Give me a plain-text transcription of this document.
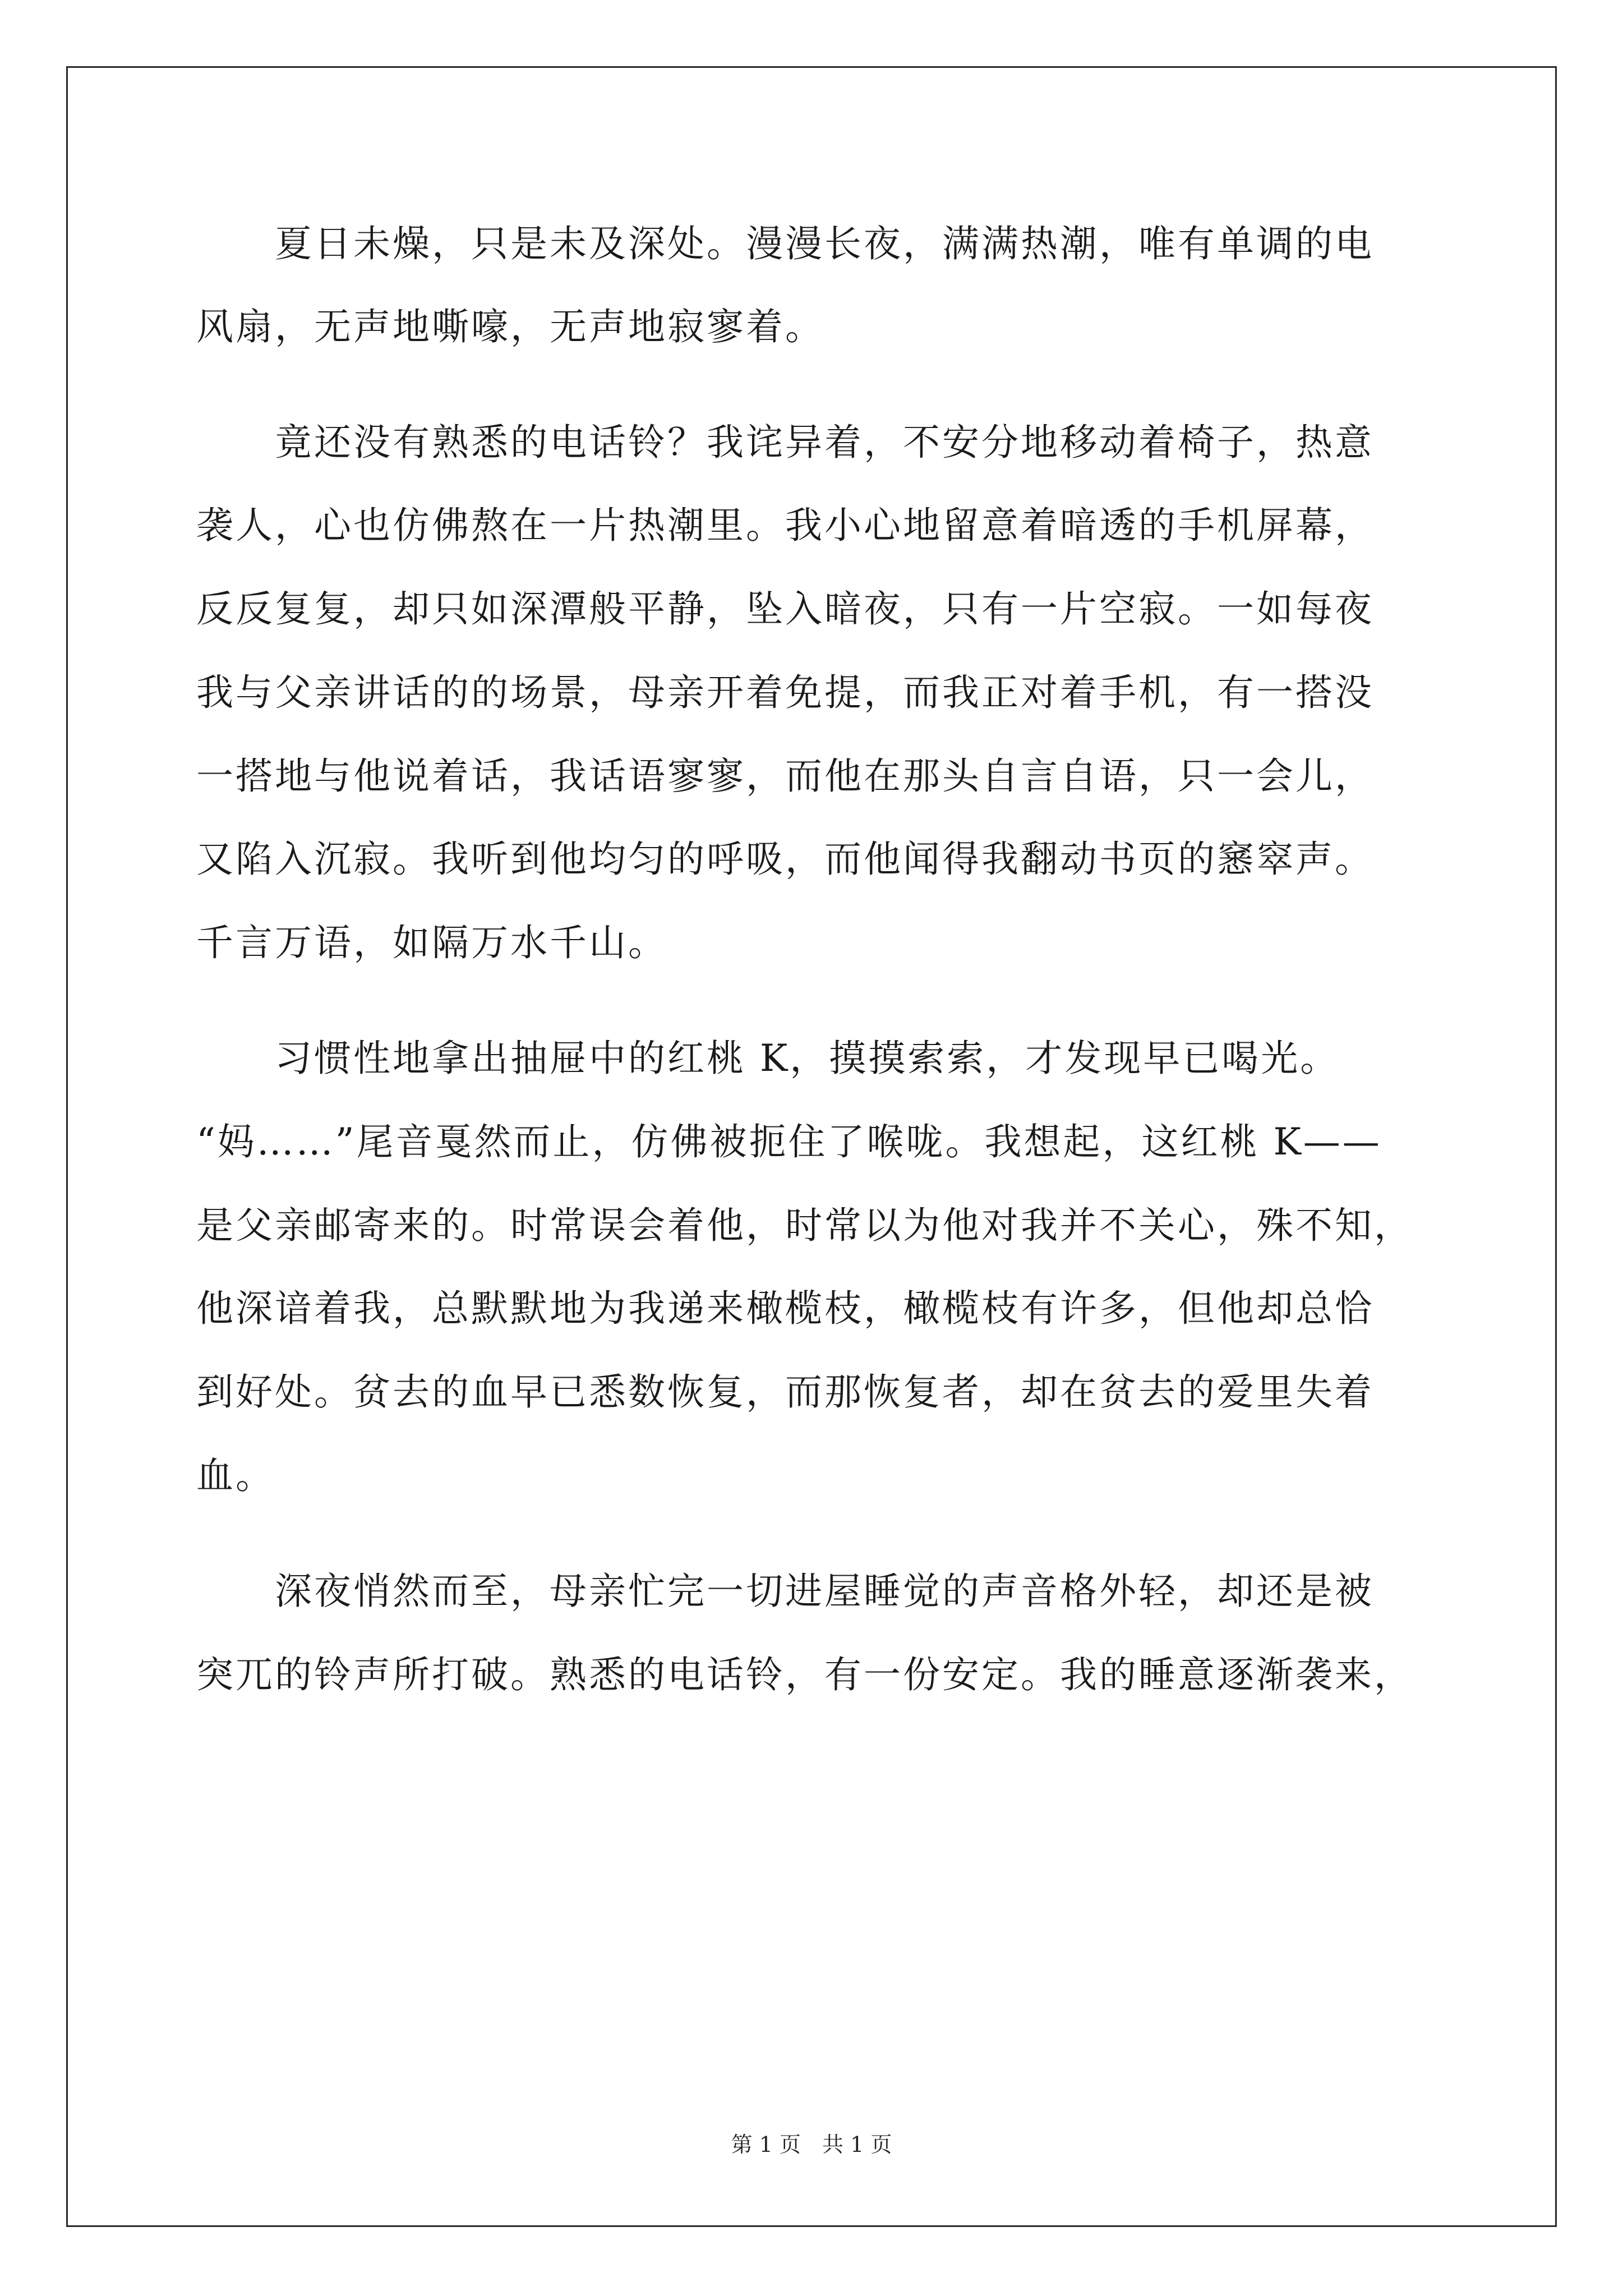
　　夏日未燥，只是未及深处。漫漫长夜，满满热潮，唯有单调的电
风扇，无声地嘶嚎，无声地寂寥着。
　　竟还没有熟悉的电话铃？我诧异着，不安分地移动着椅子，热意
袭人，心也仿佛熬在一片热潮里。我小心地留意着暗透的手机屏幕，
反反复复，却只如深潭般平静，坠入暗夜，只有一片空寂。一如每夜
我与父亲讲话的的场景，母亲开着免提，而我正对着手机，有一搭没
一搭地与他说着话，我话语寥寥，而他在那头自言自语，只一会儿，
又陷入沉寂。我听到他均匀的呼吸，而他闻得我翻动书页的窸窣声。
千言万语，如隔万水千山。
　　习惯性地拿出抽屉中的红桃 K，摸摸索索，才发现早已喝光。
“妈……”尾音戛然而止，仿佛被扼住了喉咙。我想起，这红桃 K——
是父亲邮寄来的。时常误会着他，时常以为他对我并不关心，殊不知，
他深谙着我，总默默地为我递来橄榄枝，橄榄枝有许多，但他却总恰
到好处。贫去的血早已悉数恢复，而那恢复者，却在贫去的爱里失着
血。
　　深夜悄然而至，母亲忙完一切进屋睡觉的声音格外轻，却还是被
突兀的铃声所打破。熟悉的电话铃，有一份安定。我的睡意逐渐袭来，
第 1 页　共 1 页
